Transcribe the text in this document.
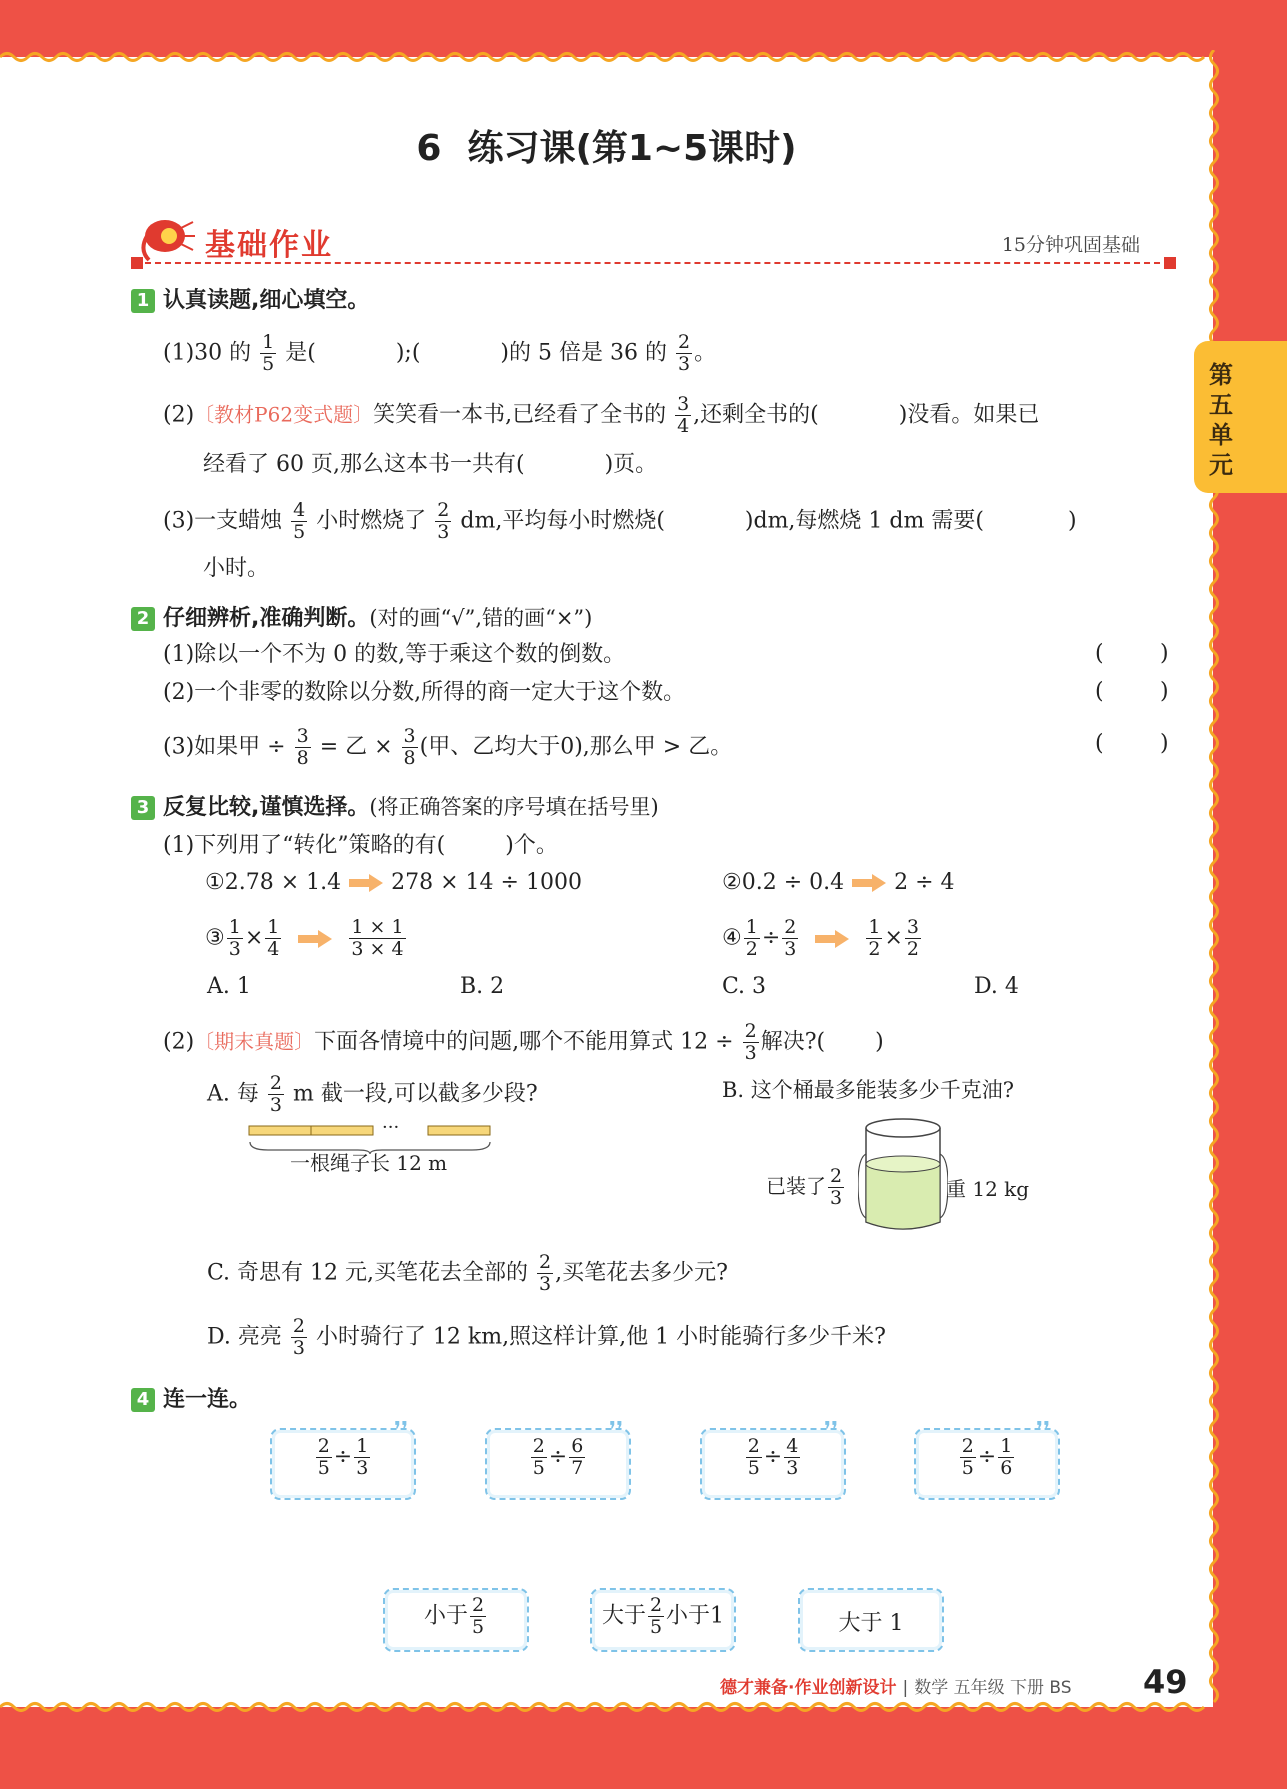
第五单元
6 练习课(第1~5课时)
基础作业	15分钟巩固基础
1 认真读题,细心填空。
(1)30 的 $\frac{1}{5}$ 是(	);(	)的 5 倍是 36 的 $\frac{2}{3}$ 。
(2)〔教材P62变式题〕笑笑看一本书,已经看了全书的 $\frac{3}{4}$ ,还剩全书的(	)没看。如果已
经看了 60 页,那么这本书一共有(	)页。
(3)一支蜡烛 $\frac{4}{5}$ 小时燃烧了 $\frac{2}{3}$ dm,平均每小时燃烧(	)dm,每燃烧 1 dm 需要(	)
小时。
2 仔细辨析,准确判断。(对的画“√”,错的画“×”)
(1)除以一个不为 0 的数,等于乘这个数的倒数。	(	)
(2)一个非零的数除以分数,所得的商一定大于这个数。	(	)
(3)如果甲 ÷ $\frac{3}{8}$ = 乙 × $\frac{3}{8}$ (甲、乙均大于0),那么甲 > 乙。	(	)
3 反复比较,谨慎选择。(将正确答案的序号填在括号里)
(1)下列用了“转化”策略的有(	)个。
①2.78 × 1.4 278 × 14 ÷ 1000	②0.2 ÷ 0.4 2 ÷ 4
③ $\frac{1}{3} \times \frac{1}{4}$
	$\frac{1 \times 1}{3 \times 4}$	④ $\frac{1}{2} \div \frac{2}{3}$
	$\frac{1}{2} \times \frac{3}{2}$
A. 1	B. 2	C. 3	D. 4
(2)〔期末真题〕下面各情境中的问题,哪个不能用算式 $12 \div \frac{2}{3}$ 解决?( )
A. 每 $\frac{2}{3}$ m 截一段,可以截多少段?
···
一根绳子长 12 m
B. 这个桶最多能装多少千克油?
已装了 $\frac{2}{3}$	重 12 kg
C. 奇思有 12 元,买笔花去全部的 $\frac{2}{3}$ ,买笔花去多少元?
D. 亮亮 $\frac{2}{3}$ 小时骑行了 12 km,照这样计算,他 1 小时能骑行多少千米?
4 连一连。
$\frac{2}{5} \div \frac{1}{3}$
❜❜
$\frac{2}{5} \div \frac{6}{7}$
❜❜
$\frac{2}{5} \div \frac{4}{3}$
❜❜
$\frac{2}{5} \div \frac{1}{6}$
❜❜
小于 $\frac{2}{5}$	大于 $\frac{2}{5}$ 小于1	大于 1
德才兼备·作业创新设计 | 数学 五年级 下册 BS 49
